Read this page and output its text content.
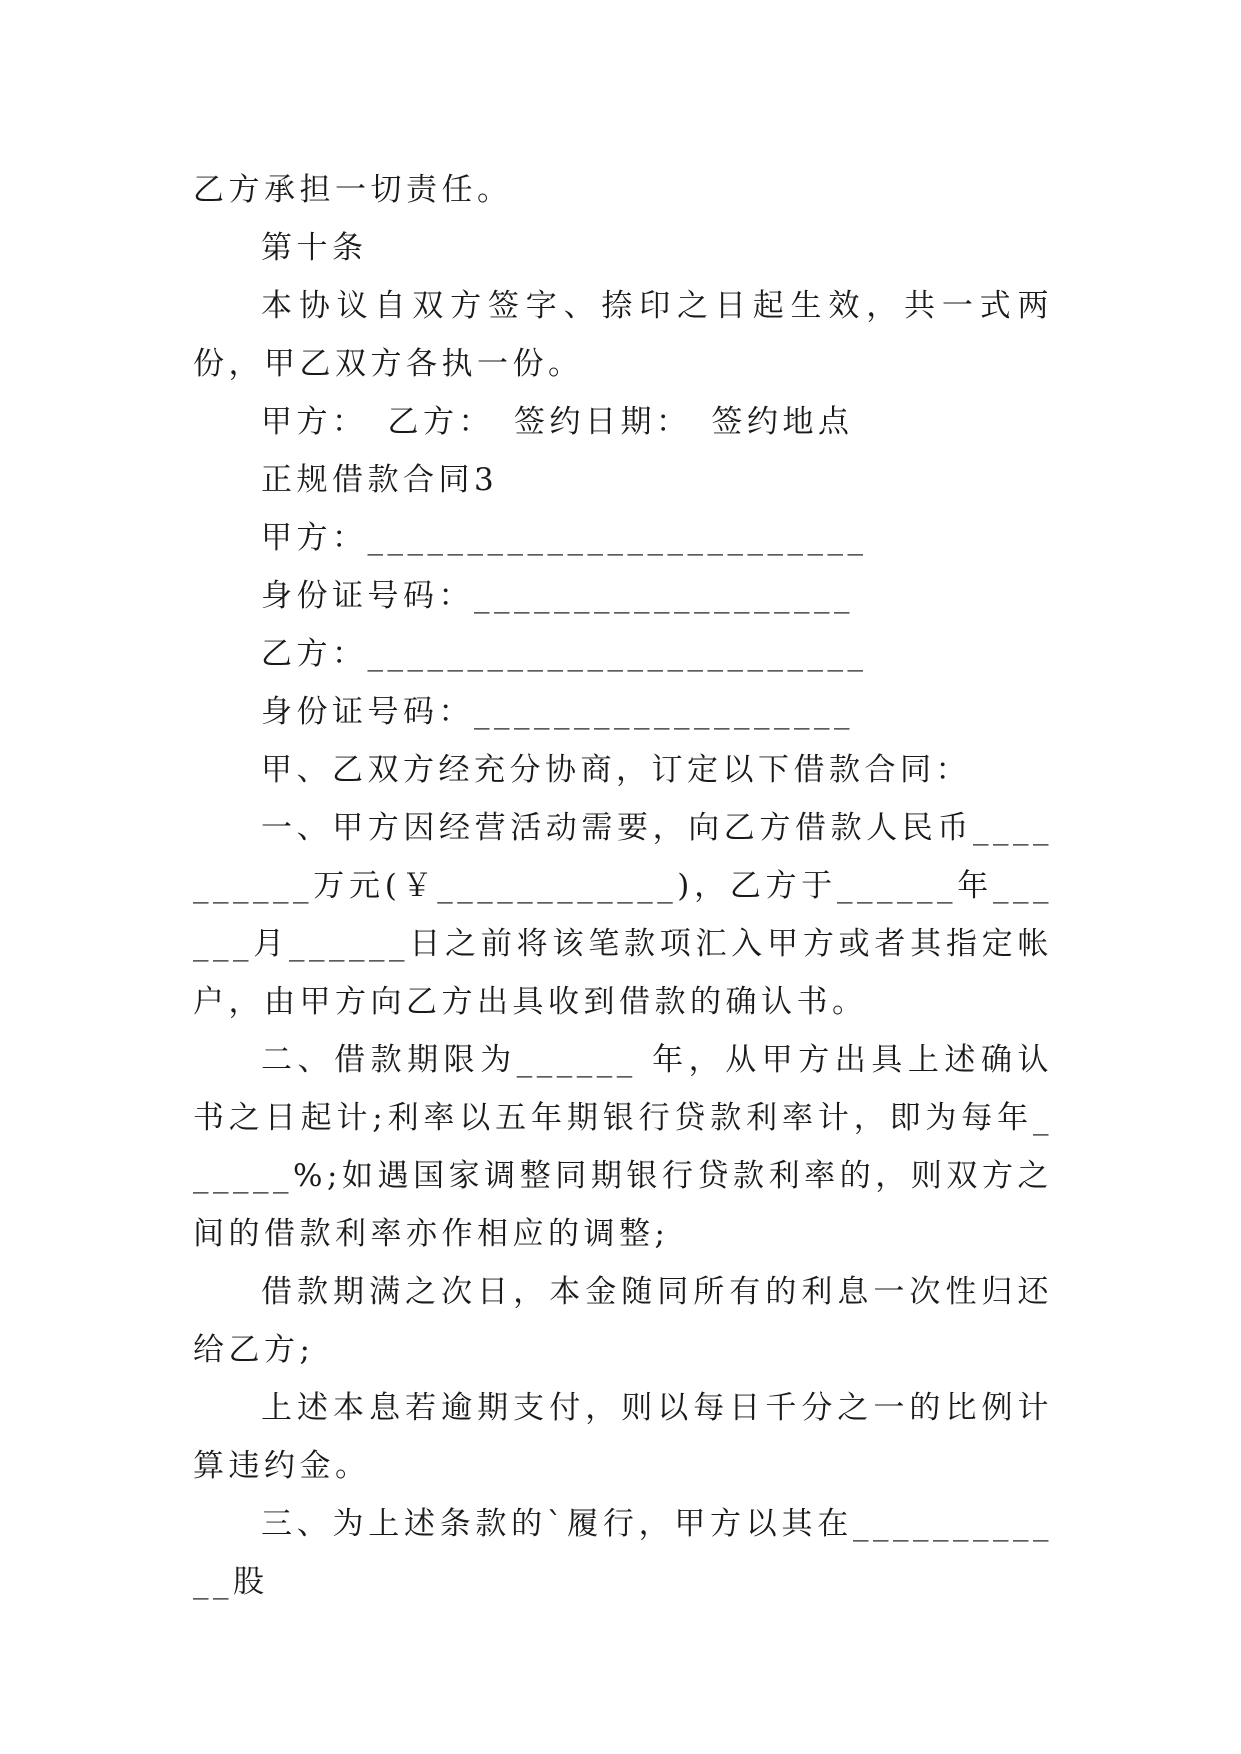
乙方承担一切责任。

第十条

本协议自双方签字、捺印之日起生效，共一式两份，甲乙双方各执一份。

甲方：　乙方：　签约日期：　签约地点

正规借款合同3

甲方：_________________________

身份证号码：___________________

乙方：_________________________

身份证号码：___________________

甲、乙双方经充分协商，订定以下借款合同：

一、甲方因经营活动需要，向乙方借款人民币__________万元(￥____________)，乙方于______年______月______日之前将该笔款项汇入甲方或者其指定帐户，由甲方向乙方出具收到借款的确认书。

二、借款期限为______ 年，从甲方出具上述确认书之日起计;利率以五年期银行贷款利率计，即为每年______%;如遇国家调整同期银行贷款利率的，则双方之间的借款利率亦作相应的调整;

借款期满之次日，本金随同所有的利息一次性归还给乙方;

上述本息若逾期支付，则以每日千分之一的比例计算违约金。

三、为上述条款的`履行，甲方以其在____________股
